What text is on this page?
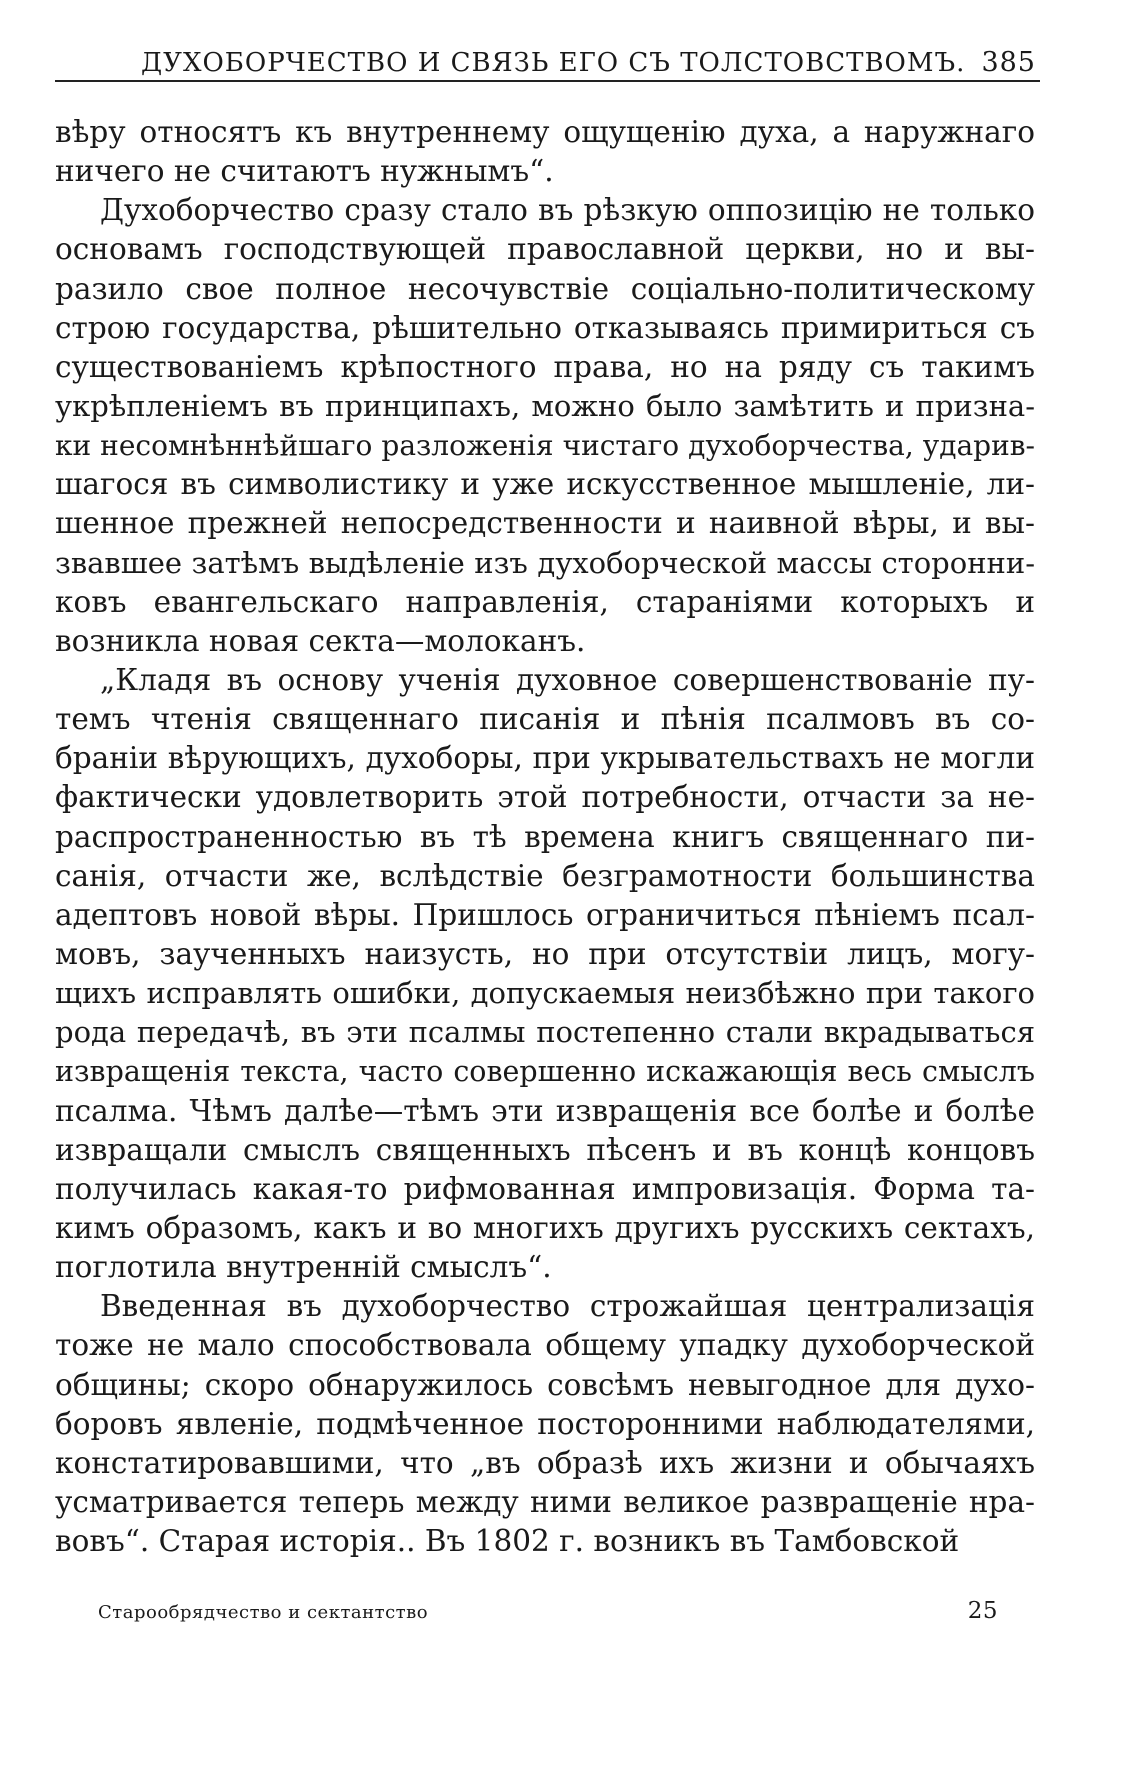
ДУХОБОРЧЕСТВО И СВЯЗЬ ЕГО СЪ ТОЛСТОВСТВОМЪ. 385
вѣру относятъ къ внутреннему ощущенію духа, а наружнаго
ничего не считаютъ нужнымъ“.
Духоборчество сразу стало въ рѣзкую оппозицію не только
основамъ господствующей православной церкви, но и вы-
разило свое полное несочувствіе соціально-политическому
строю государства, рѣшительно отказываясь примириться съ
существованіемъ крѣпостного права, но на ряду съ такимъ
укрѣпленіемъ въ принципахъ, можно было замѣтить и призна-
ки несомнѣннѣйшаго разложенія чистаго духоборчества, ударив-
шагося въ символистику и уже искусственное мышленіе, ли-
шенное прежней непосредственности и наивной вѣры, и вы-
звавшее затѣмъ выдѣленіе изъ духоборческой массы сторонни-
ковъ евангельскаго направленія, стараніями которыхъ и
возникла новая секта—молоканъ.
„Кладя въ основу ученія духовное совершенствованіе пу-
темъ чтенія священнаго писанія и пѣнія псалмовъ въ со-
браніи вѣрующихъ, духоборы, при укрывательствахъ не могли
фактически удовлетворить этой потребности, отчасти за не-
распространенностью въ тѣ времена книгъ священнаго пи-
санія, отчасти же, вслѣдствіе безграмотности большинства
адептовъ новой вѣры. Пришлось ограничиться пѣніемъ псал-
мовъ, заученныхъ наизусть, но при отсутствіи лицъ, могу-
щихъ исправлять ошибки, допускаемыя неизбѣжно при такого
рода передачѣ, въ эти псалмы постепенно стали вкрадываться
извращенія текста, часто совершенно искажающія весь смыслъ
псалма. Чѣмъ далѣе—тѣмъ эти извращенія все болѣе и болѣе
извращали смыслъ священныхъ пѣсенъ и въ концѣ концовъ
получилась какая-то рифмованная импровизація. Форма та-
кимъ образомъ, какъ и во многихъ другихъ русскихъ сектахъ,
поглотила внутренній смыслъ“.
Введенная въ духоборчество строжайшая централизація
тоже не мало способствовала общему упадку духоборческой
общины; скоро обнаружилось совсѣмъ невыгодное для духо-
боровъ явленіе, подмѣченное посторонними наблюдателями,
констатировавшими, что „въ образѣ ихъ жизни и обычаяхъ
усматривается теперь между ними великое развращеніе нра-
вовъ“. Старая исторія.. Въ 1802 г. возникъ въ Тамбовской
Старообрядчество и сектантство	25
